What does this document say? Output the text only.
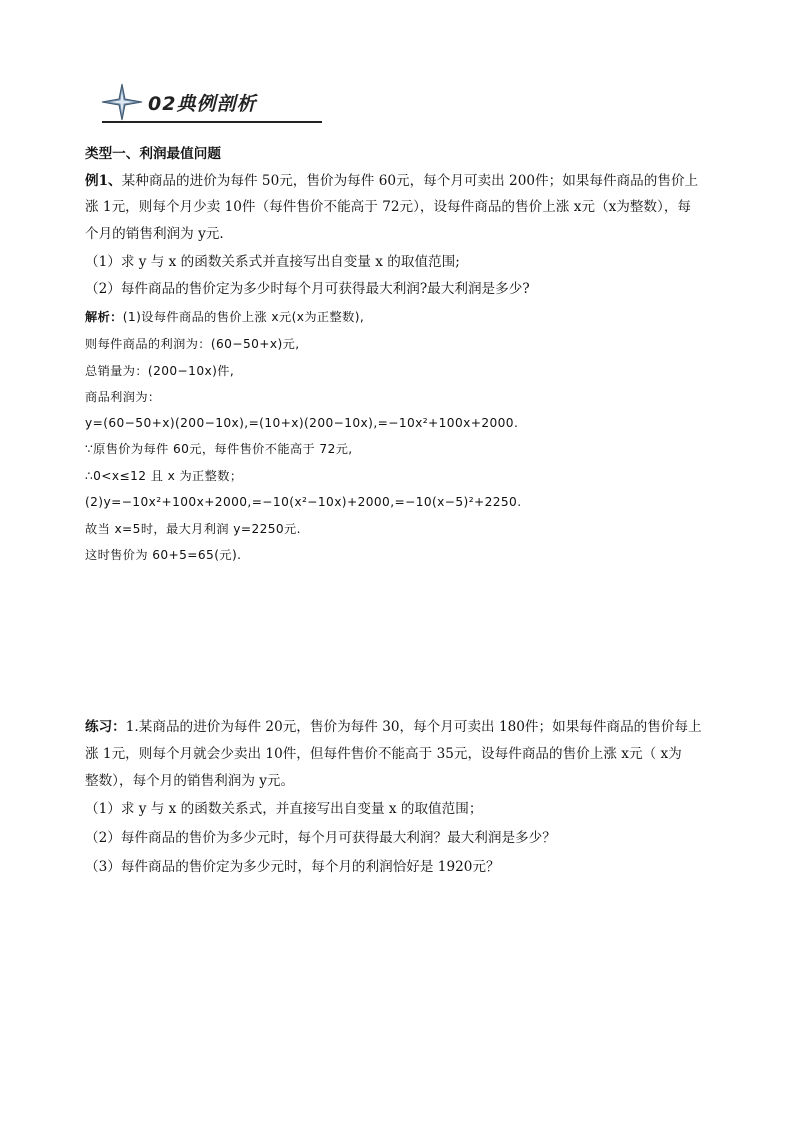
02典例剖析
类型一、利润最值问题
例1、某种商品的进价为每件 50元，售价为每件 60元，每个月可卖出 200件；如果每件商品的售价上
涨 1元，则每个月少卖 10件（每件售价不能高于 72元），设每件商品的售价上涨 x元（x为整数），每
个月的销售利润为 y元.
（1）求 y 与 x 的函数关系式并直接写出自变量 x 的取值范围;
（2）每件商品的售价定为多少时每个月可获得最大利润?最大利润是多少?
解析：(1)设每件商品的售价上涨 x元(x为正整数),
则每件商品的利润为：(60−50+x)元,
总销量为：(200−10x)件,
商品利润为：
y=(60−50+x)(200−10x),=(10+x)(200−10x),=−10x²+100x+2000.
∵原售价为每件 60元，每件售价不能高于 72元,
∴0<x≤12 且 x 为正整数；
(2)y=−10x²+100x+2000,=−10(x²−10x)+2000,=−10(x−5)²+2250.
故当 x=5时，最大月利润 y=2250元.
这时售价为 60+5=65(元).
练习：1.某商品的进价为每件 20元，售价为每件 30，每个月可卖出 180件；如果每件商品的售价每上
涨 1元，则每个月就会少卖出 10件，但每件售价不能高于 35元，设每件商品的售价上涨 x元（ x为
整数），每个月的销售利润为 y元。
（1）求 y 与 x 的函数关系式，并直接写出自变量 x 的取值范围；
（2）每件商品的售价为多少元时，每个月可获得最大利润？最大利润是多少？
（3）每件商品的售价定为多少元时，每个月的利润恰好是 1920元？
